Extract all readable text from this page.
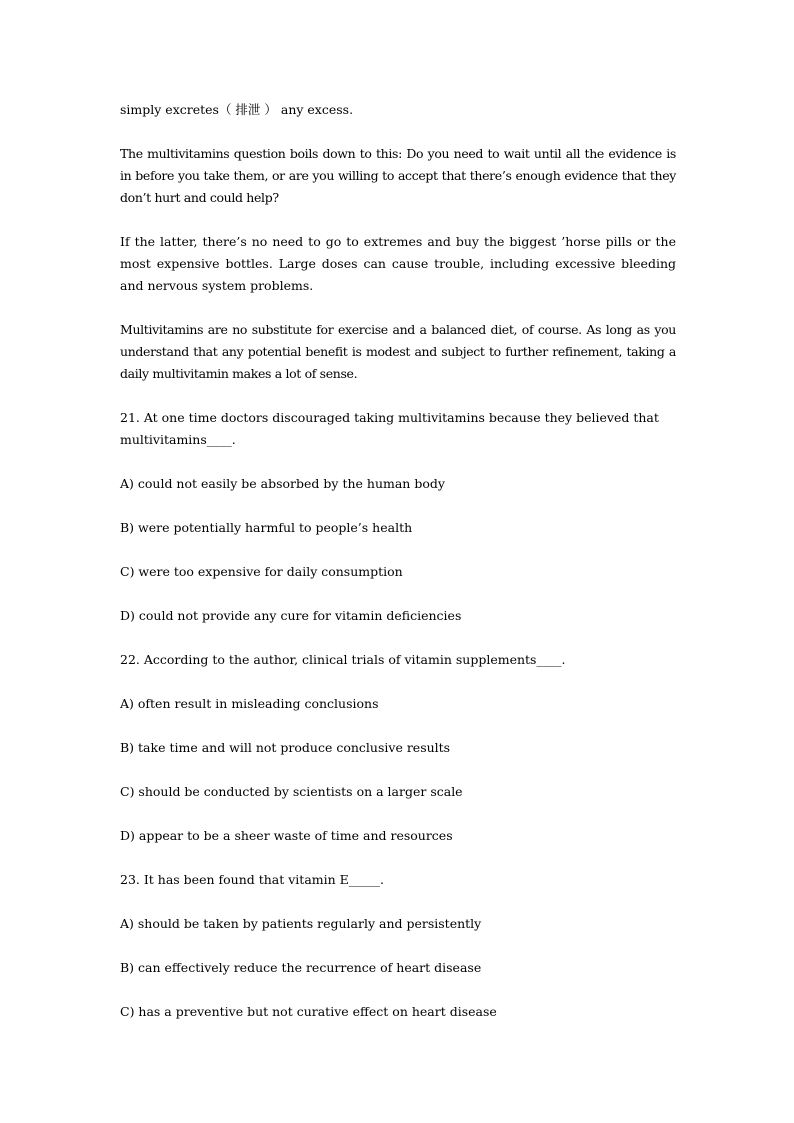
simply excretes（ 排泄 ） any excess.

The multivitamins question boils down to this: Do you need to wait until all the evidence is in before you take them, or are you willing to accept that there’s enough evidence that they don’t hurt and could help?

If the latter, there’s no need to go to extremes and buy the biggest ’horse pills or the most expensive bottles. Large doses can cause trouble, including excessive bleeding and nervous system problems.

Multivitamins are no substitute for exercise and a balanced diet, of course. As long as you understand that any potential benefit is modest and subject to further refinement, taking a daily multivitamin makes a lot of sense.

21. At one time doctors discouraged taking multivitamins because they believed that multivitamins____.

A) could not easily be absorbed by the human body

B) were potentially harmful to people’s health

C) were too expensive for daily consumption

D) could not provide any cure for vitamin deficiencies

22. According to the author, clinical trials of vitamin supplements____.

A) often result in misleading conclusions

B) take time and will not produce conclusive results

C) should be conducted by scientists on a larger scale

D) appear to be a sheer waste of time and resources

23. It has been found that vitamin E_____.

A) should be taken by patients regularly and persistently

B) can effectively reduce the recurrence of heart disease

C) has a preventive but not curative effect on heart disease
